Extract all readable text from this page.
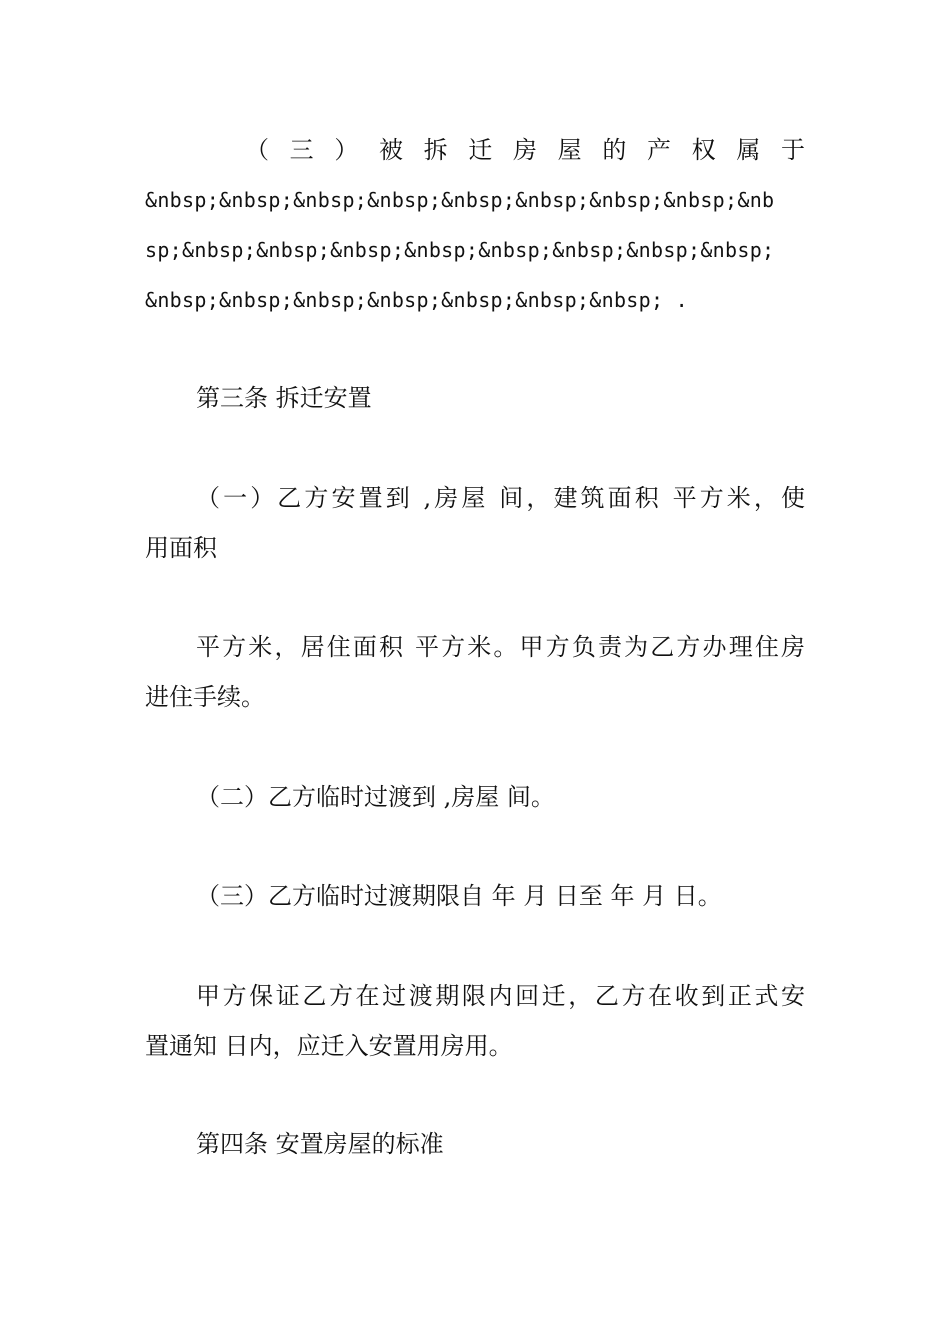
（三）被拆迁房屋的产权属于
&nbsp;&nbsp;&nbsp;&nbsp;&nbsp;&nbsp;&nbsp;&nbsp;&nb
sp;&nbsp;&nbsp;&nbsp;&nbsp;&nbsp;&nbsp;&nbsp;&nbsp;
&nbsp;&nbsp;&nbsp;&nbsp;&nbsp;&nbsp;&nbsp; .
第三条 拆迁安置
（一）乙方安置到 ,房屋 间，建筑面积 平方米，使
用面积
平方米，居住面积 平方米。甲方负责为乙方办理住房
进住手续。
（二）乙方临时过渡到 ,房屋 间。
（三）乙方临时过渡期限自 年 月 日至 年 月 日。
甲方保证乙方在过渡期限内回迁，乙方在收到正式安
置通知 日内，应迁入安置用房用。
第四条 安置房屋的标准
